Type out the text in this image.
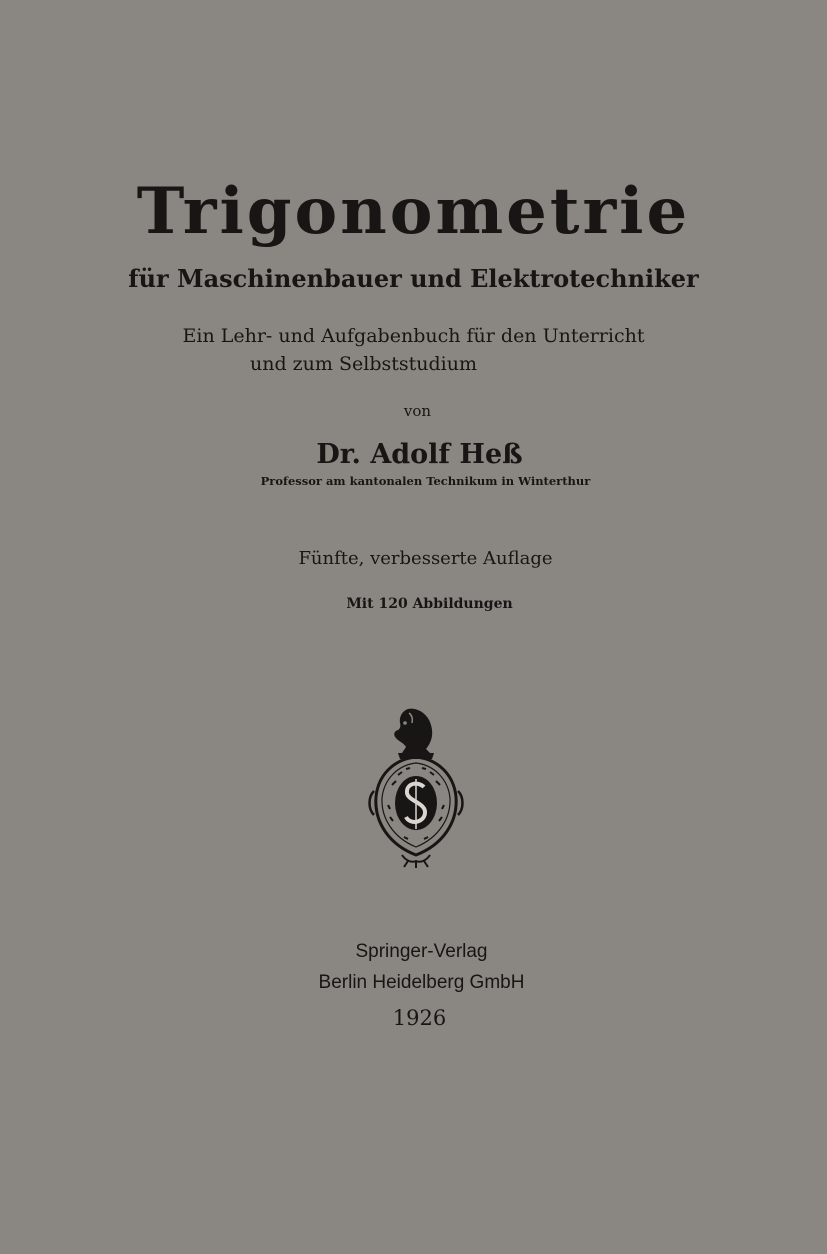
Trigonometrie
für Maschinenbauer und Elektrotechniker
Ein Lehr- und Aufgabenbuch für den Unterricht
und zum Selbststudium
von
Dr. Adolf Heß
Professor am kantonalen Technikum in Winterthur
Fünfte, verbesserte Auflage
Mit 120 Abbildungen
Springer-Verlag
Berlin Heidelberg GmbH
1926
